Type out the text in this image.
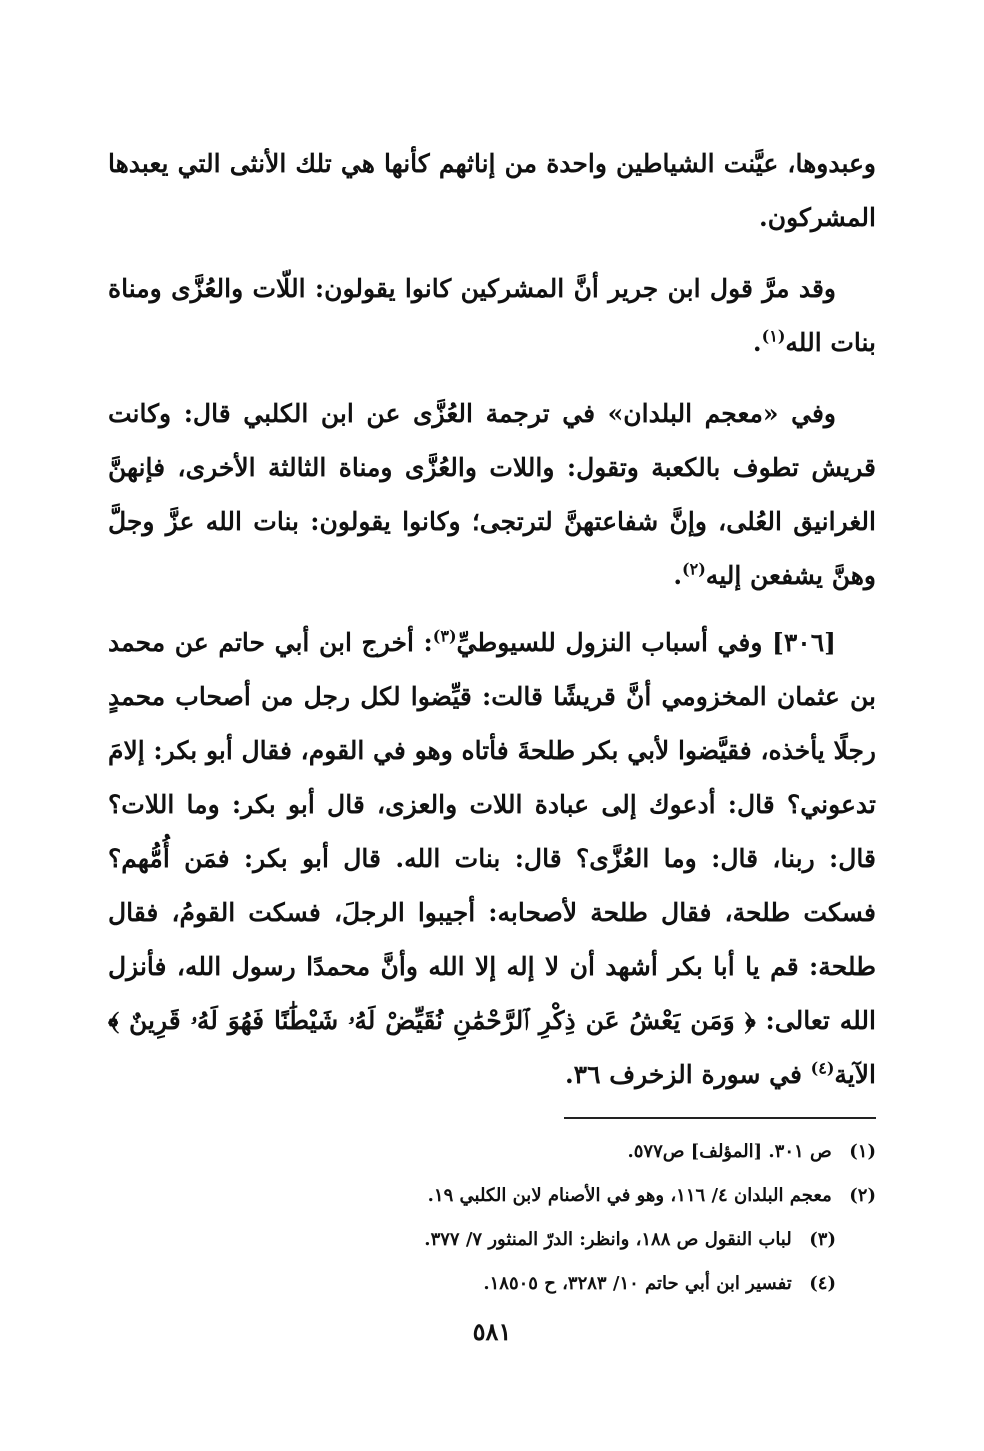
وعبدوها، عيَّنت الشياطين واحدة من إناثهم كأنها هي تلك الأنثى التي يعبدها المشركون.

وقد مرَّ قول ابن جرير أنَّ المشركين كانوا يقولون: اللّات والعُزَّى ومناة بنات الله$^{(١)}$.

وفي «معجم البلدان» في ترجمة العُزَّى عن ابن الكلبي قال: وكانت قريش تطوف بالكعبة وتقول: واللات والعُزَّى ومناة الثالثة الأخرى، فإنهنَّ الغرانيق العُلى، وإنَّ شفاعتهنَّ لترتجى؛ وكانوا يقولون: بنات الله عزَّ وجلَّ وهنَّ يشفعن إليه$^{(٢)}$.

[٣٠٦] وفي أسباب النزول للسيوطيِّ$^{(٣)}$: أخرج ابن أبي حاتم عن محمد بن عثمان المخزومي أنَّ قريشًا قالت: قيِّضوا لكل رجل من أصحاب محمدٍ رجلًا يأخذه، فقيَّضوا لأبي بكر طلحةَ فأتاه وهو في القوم، فقال أبو بكر: إلامَ تدعوني؟ قال: أدعوك إلى عبادة اللات والعزى، قال أبو بكر: وما اللات؟ قال: ربنا، قال: وما العُزَّى؟ قال: بنات الله. قال أبو بكر: فمَن أُمُّهم؟ فسكت طلحة، فقال طلحة لأصحابه: أجيبوا الرجلَ، فسكت القومُ، فقال طلحة: قم يا أبا بكر أشهد أن لا إله إلا الله وأنَّ محمدًا رسول الله، فأنزل الله تعالى: ﴿ وَمَن يَعْشُ عَن ذِكْرِ ٱلرَّحْمَٰنِ نُقَيِّضْ لَهُۥ شَيْطَٰنًا فَهُوَ لَهُۥ قَرِينٌ ﴾ الآية$^{(٤)}$ في سورة الزخرف ٣٦.

(١) ص ٣٠١. [المؤلف] ص٥٧٧.
(٢) معجم البلدان ٤/ ١١٦، وهو في الأصنام لابن الكلبي ١٩.
(٣) لباب النقول ص ١٨٨، وانظر: الدرّ المنثور ٧/ ٣٧٧.
(٤) تفسير ابن أبي حاتم ١٠/ ٣٢٨٣، ح ١٨٥٠٥.
٥٨١
